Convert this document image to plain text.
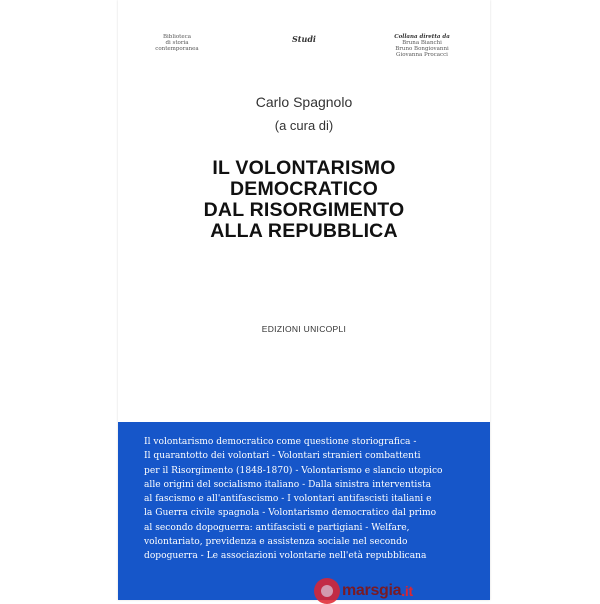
Biblioteca
di storia
contemporanea
Studi	Collana diretta da
Bruna Bianchi
Bruno Bongiovanni
Giovanna Procacci
Carlo Spagnolo
(a cura di)
IL VOLONTARISMO
DEMOCRATICO
DAL RISORGIMENTO
ALLA REPUBBLICA
EDIZIONI UNICOPLI
Il volontarismo democratico come questione storiografica -
Il quarantotto dei volontari - Volontari stranieri combattenti
per il Risorgimento (1848-1870) - Volontarismo e slancio utopico
alle origini del socialismo italiano - Dalla sinistra interventista
al fascismo e all'antifascismo - I volontari antifascisti italiani e
la Guerra civile spagnola - Volontarismo democratico dal primo
al secondo dopoguerra: antifascisti e partigiani - Welfare,
volontariato, previdenza e assistenza sociale nel secondo
dopoguerra - Le associazioni volontarie nell'età repubblicana
marsgia .it
